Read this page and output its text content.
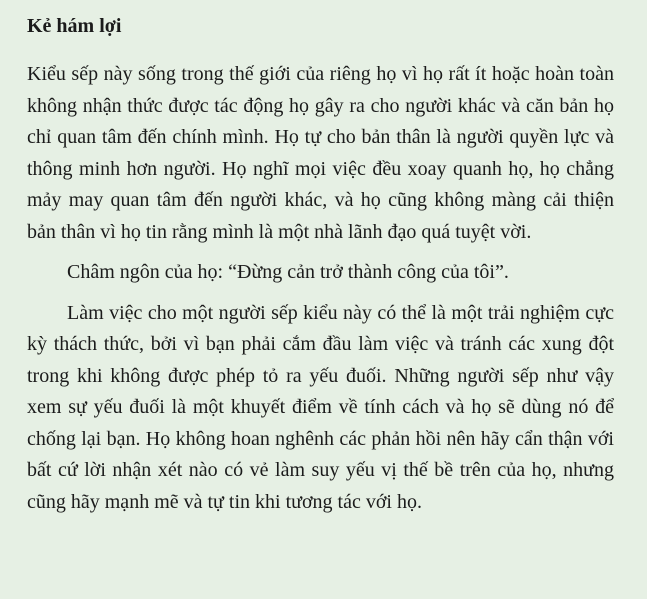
Kẻ hám lợi

Kiểu sếp này sống trong thế giới của riêng họ vì họ rất ít hoặc hoàn toàn không nhận thức được tác động họ gây ra cho người khác và căn bản họ chỉ quan tâm đến chính mình. Họ tự cho bản thân là người quyền lực và thông minh hơn người. Họ nghĩ mọi việc đều xoay quanh họ, họ chẳng mảy may quan tâm đến người khác, và họ cũng không màng cải thiện bản thân vì họ tin rằng mình là một nhà lãnh đạo quá tuyệt vời.

Châm ngôn của họ: “Đừng cản trở thành công của tôi”.

Làm việc cho một người sếp kiểu này có thể là một trải nghiệm cực kỳ thách thức, bởi vì bạn phải cắm đầu làm việc và tránh các xung đột trong khi không được phép tỏ ra yếu đuối. Những người sếp như vậy xem sự yếu đuối là một khuyết điểm về tính cách và họ sẽ dùng nó để chống lại bạn. Họ không hoan nghênh các phản hồi nên hãy cẩn thận với bất cứ lời nhận xét nào có vẻ làm suy yếu vị thế bề trên của họ, nhưng cũng hãy mạnh mẽ và tự tin khi tương tác với họ.
